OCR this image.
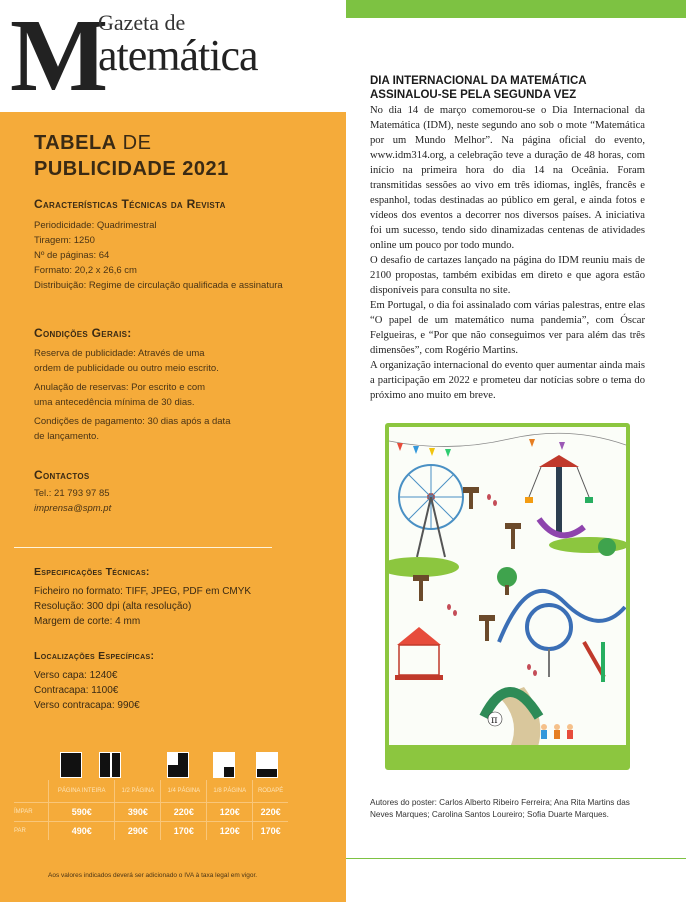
M
Gazeta de
atemática
TABELA DE
PUBLICIDADE 2021
Características Técnicas da Revista
Periodicidade: Quadrimestral
Tiragem: 1250
Nº de páginas: 64
Formato: 20,2 x 26,6 cm
Distribuição: Regime de circulação qualificada e assinatura
Condições Gerais:
Reserva de publicidade: Através de uma
ordem de publicidade ou outro meio escrito.
Anulação de reservas: Por escrito e com
uma antecedência mínima de 30 dias.
Condições de pagamento: 30 dias após a data
de lançamento.
Contactos
Tel.: 21 793 97 85
imprensa@spm.pt
Especificações Técnicas:
Ficheiro no formato: TIFF, JPEG, PDF em CMYK
Resolução: 300 dpi (alta resolução)
Margem de corte: 4 mm
Localizações Específicas:
Verso capa: 1240€
Contracapa: 1100€
Verso contracapa: 990€
	PÁGINA INTEIRA	1/2 PÁGINA	1/4 PÁGINA	1/8 PÁGINA	RODAPÉ
ÍMPAR	590€	390€	220€	120€	220€
PAR	490€	290€	170€	120€	170€
Aos valores indicados deverá ser adicionado o IVA à taxa legal em vigor.
DIA INTERNACIONAL DA MATEMÁTICA ASSINALOU-SE PELA SEGUNDA VEZ

No dia 14 de março comemorou-se o Dia Internacional da Matemática (IDM), neste segundo ano sob o mote “Matemática por um Mundo Melhor”. Na página oficial do evento, www.idm314.org, a celebração teve a duração de 48 horas, com início na primeira hora do dia 14 na Oceânia. Foram transmitidas sessões ao vivo em três idiomas, inglês, francês e espanhol, todas destinadas ao público em geral, e ainda fotos e vídeos dos eventos a decorrer nos diversos países. A iniciativa foi um sucesso, tendo sido dinamizadas centenas de atividades online um pouco por todo mundo.

O desafio de cartazes lançado na página do IDM reuniu mais de 2100 propostas, também exibidas em direto e que agora estão disponíveis para consulta no site.

Em Portugal, o dia foi assinalado com várias palestras, entre elas “O papel de um matemático numa pandemia”, com Óscar Felgueiras, e “Por que não conseguimos ver para além das três dimensões”, com Rogério Martins.

A organização internacional do evento quer aumentar ainda mais a participação em 2022 e prometeu dar notícias sobre o tema do próximo ano muito em breve.

π
Autores do poster: Carlos Alberto Ribeiro Ferreira; Ana Rita Martins das Neves Marques; Carolina Santos Loureiro; Sofia Duarte Marques.
